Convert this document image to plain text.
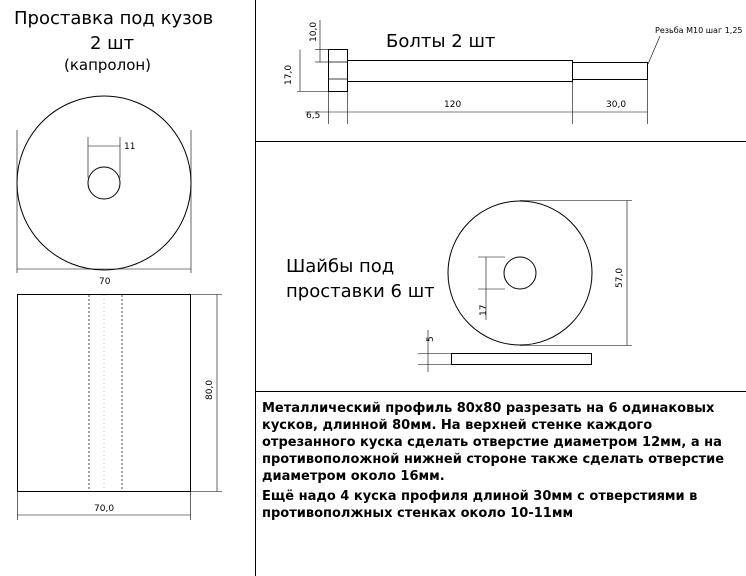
Проставка под кузов
2 шт
(капролон)
11
70
80,0
70,0
Болты 2 шт
Резьба М10 шаг 1,25
10,0
17,0
6,5
120	30,0
Шайбы под
проставки 6 шт
17
57,0
5

Металлический профиль 80х80 разрезать на 6 одинаковых кусков, длинной 80мм. На верхней стенке каждого отрезанного куска сделать отверстие диаметром 12мм, а на противоположной нижней стороне также сделать отверстие диаметром около 16мм.

Ещё надо 4 куска профиля длиной 30мм с отверстиями в противополжных стенках около 10-11мм
